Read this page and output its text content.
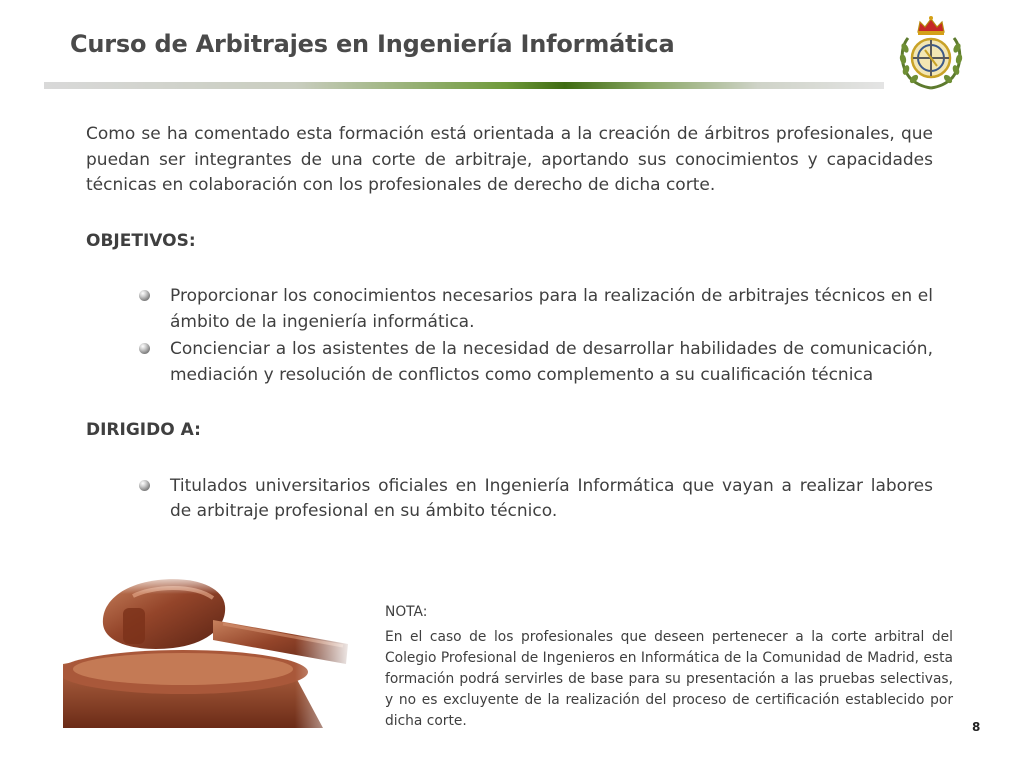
Curso de Arbitrajes en Ingeniería Informática

Como se ha comentado esta formación está orientada a la creación de árbitros profesionales, que puedan ser integrantes de una corte de arbitraje, aportando sus conocimientos y capacidades técnicas en colaboración con los profesionales de derecho de dicha corte.

OBJETIVOS:

Proporcionar los conocimientos necesarios para la realización de arbitrajes técnicos en el ámbito de la ingeniería informática.
Concienciar a los asistentes de la necesidad de desarrollar habilidades de comunicación, mediación y resolución de conflictos como complemento a su cualificación técnica

DIRIGIDO A:

Titulados universitarios oficiales en Ingeniería Informática que vayan a realizar labores de arbitraje profesional en su ámbito técnico.

NOTA:

En el caso de los profesionales que deseen pertenecer a la corte arbitral del Colegio Profesional de Ingenieros en Informática de la Comunidad de Madrid, esta formación podrá servirles de base para su presentación a las pruebas selectivas, y no es excluyente de la realización del proceso de certificación establecido por dicha corte.	8
